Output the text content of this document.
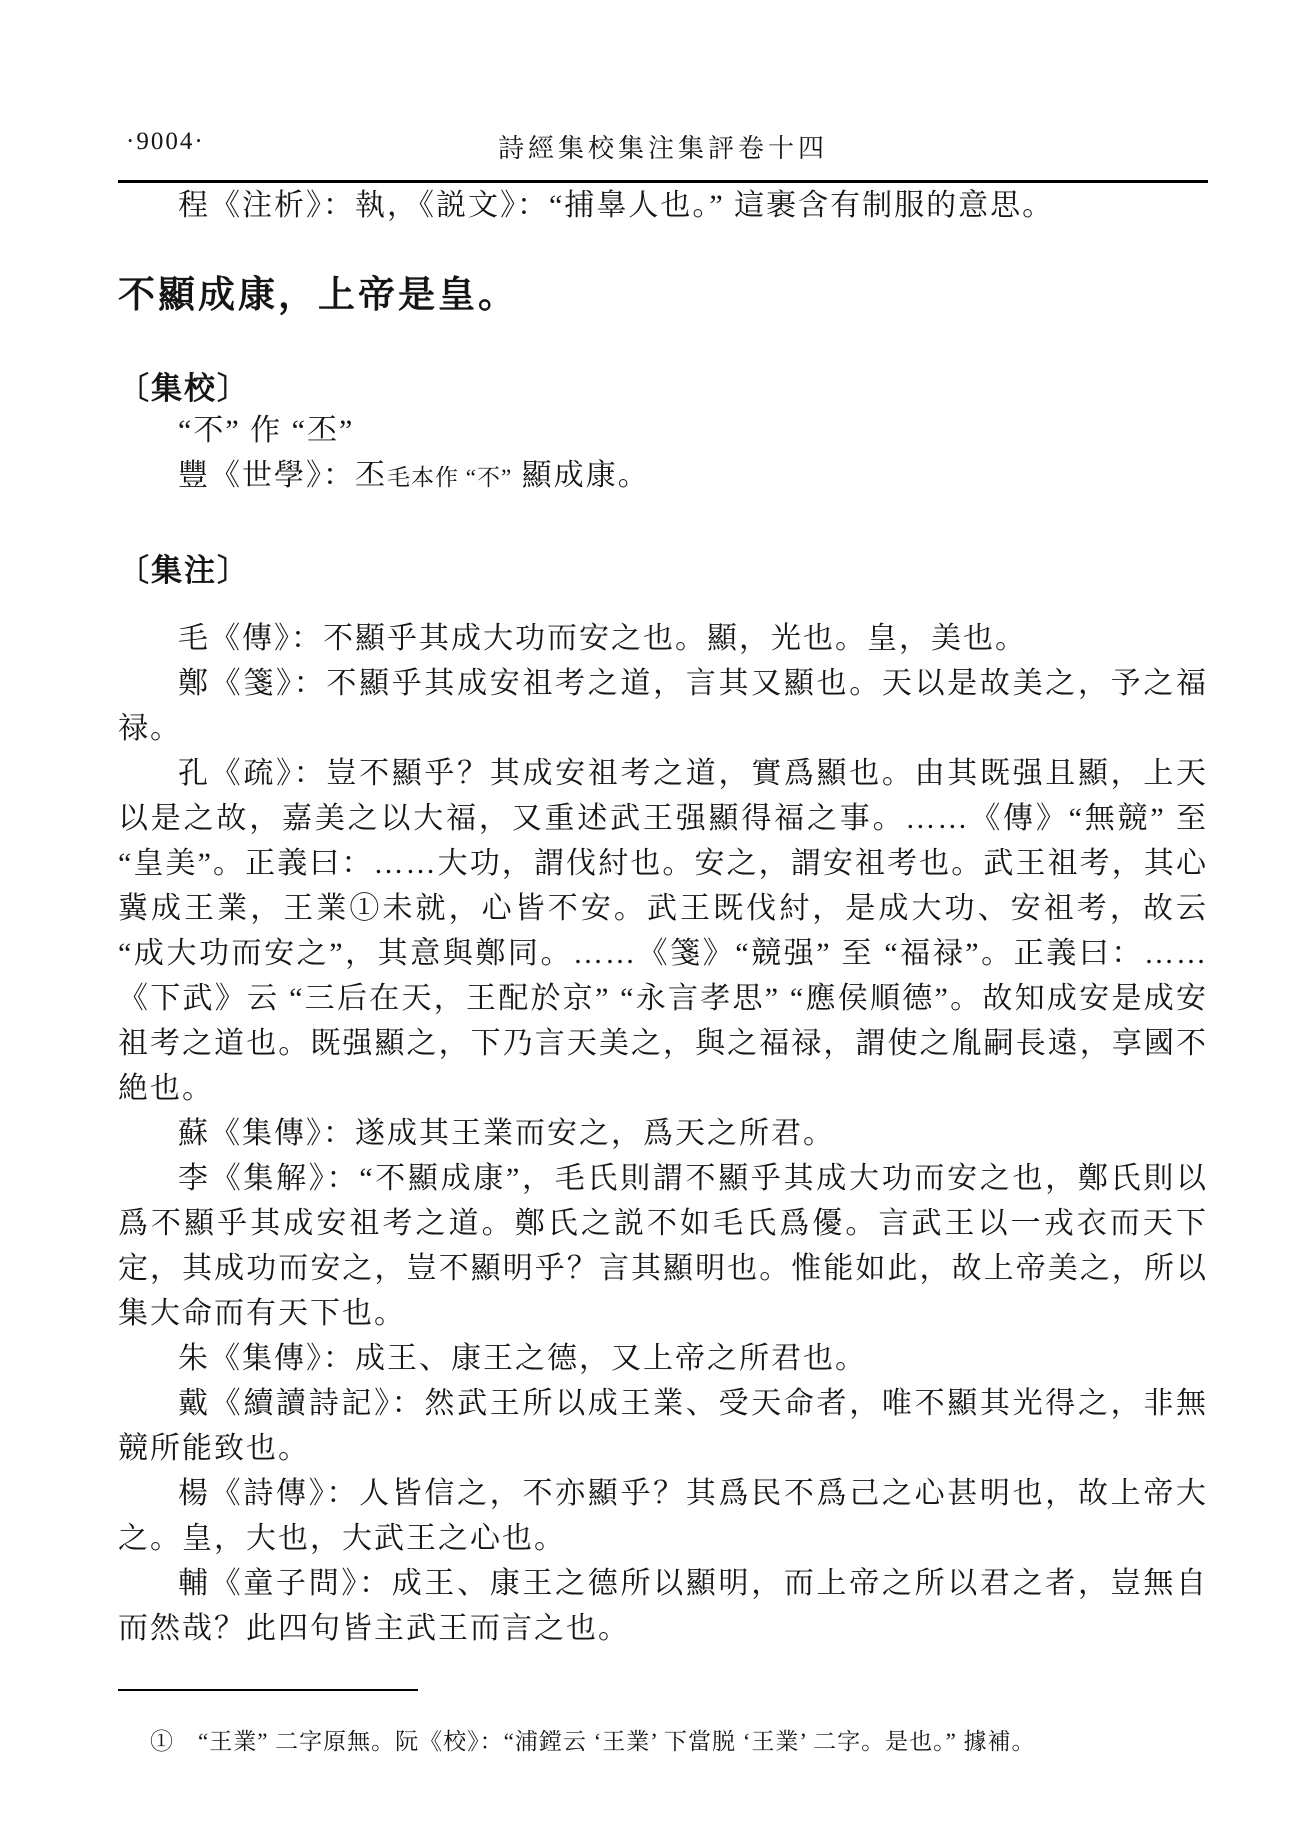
·9004·	詩經集校集注集評卷十四

程《注析》：執，《説文》：“捕辠人也。” 這裹含有制服的意思。

不顯成康，上帝是皇。
〔集校〕

“不” 作 “丕”

豐《世學》：丕毛本作 “不” 顯成康。

〔集注〕

毛《傳》：不顯乎其成大功而安之也。顯，光也。皇，美也。

鄭《箋》：不顯乎其成安祖考之道，言其又顯也。天以是故美之，予之福禄。

孔《疏》：豈不顯乎？其成安祖考之道，實爲顯也。由其既强且顯，上天以是之故，嘉美之以大福，又重述武王强顯得福之事。……《傳》“無競” 至 “皇美”。正義曰：……大功，謂伐紂也。安之，謂安祖考也。武王祖考，其心冀成王業，王業①未就，心皆不安。武王既伐紂，是成大功、安祖考，故云 “成大功而安之”，其意與鄭同。……《箋》“競强” 至 “福禄”。正義曰：……《下武》云 “三后在天，王配於京” “永言孝思” “應侯順德”。故知成安是成安祖考之道也。既强顯之，下乃言天美之，與之福禄，謂使之胤嗣長遠，享國不絶也。

蘇《集傳》：遂成其王業而安之，爲天之所君。

李《集解》：“不顯成康”，毛氏則謂不顯乎其成大功而安之也，鄭氏則以爲不顯乎其成安祖考之道。鄭氏之説不如毛氏爲優。言武王以一戎衣而天下定，其成功而安之，豈不顯明乎？言其顯明也。惟能如此，故上帝美之，所以集大命而有天下也。

朱《集傳》：成王、康王之德，又上帝之所君也。

戴《續讀詩記》：然武王所以成王業、受天命者，唯不顯其光得之，非無競所能致也。

楊《詩傳》：人皆信之，不亦顯乎？其爲民不爲己之心甚明也，故上帝大之。皇，大也，大武王之心也。

輔《童子問》：成王、康王之德所以顯明，而上帝之所以君之者，豈無自而然哉？此四句皆主武王而言之也。

①　“王業” 二字原無。阮《校》：“浦鏜云 ‘王業’ 下當脱 ‘王業’ 二字。是也。” 據補。
